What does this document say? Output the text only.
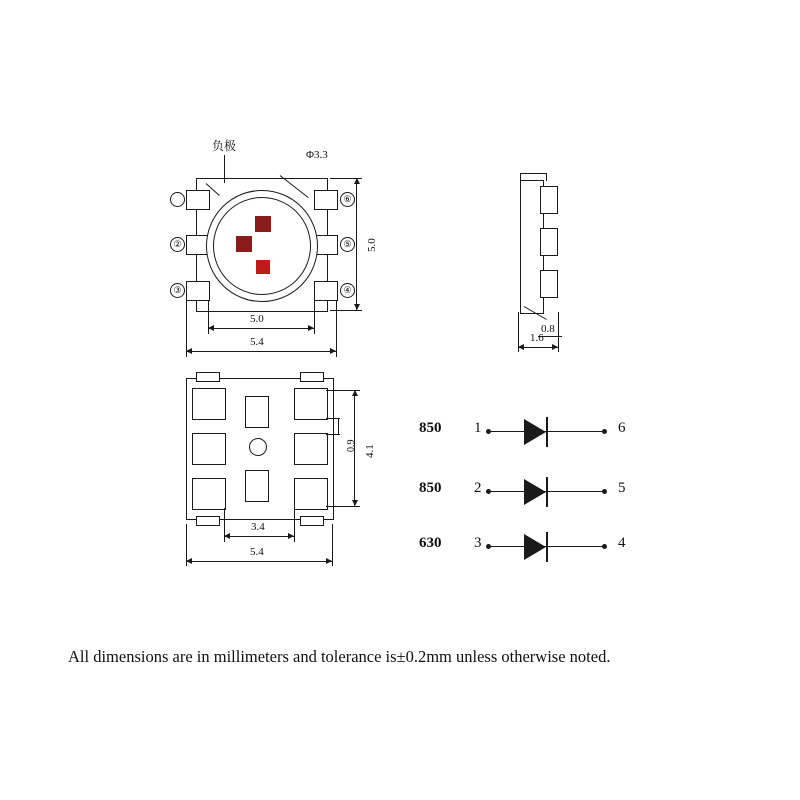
负极
Φ3.3
②
③
⑥
⑤
④
5.0
5.0
5.4
0.8
1.6
4.1
0.9
3.4
5.4
850 1	6
850 2	5
630 3	4
All dimensions are in millimeters and tolerance is±0.2mm unless otherwise noted.
